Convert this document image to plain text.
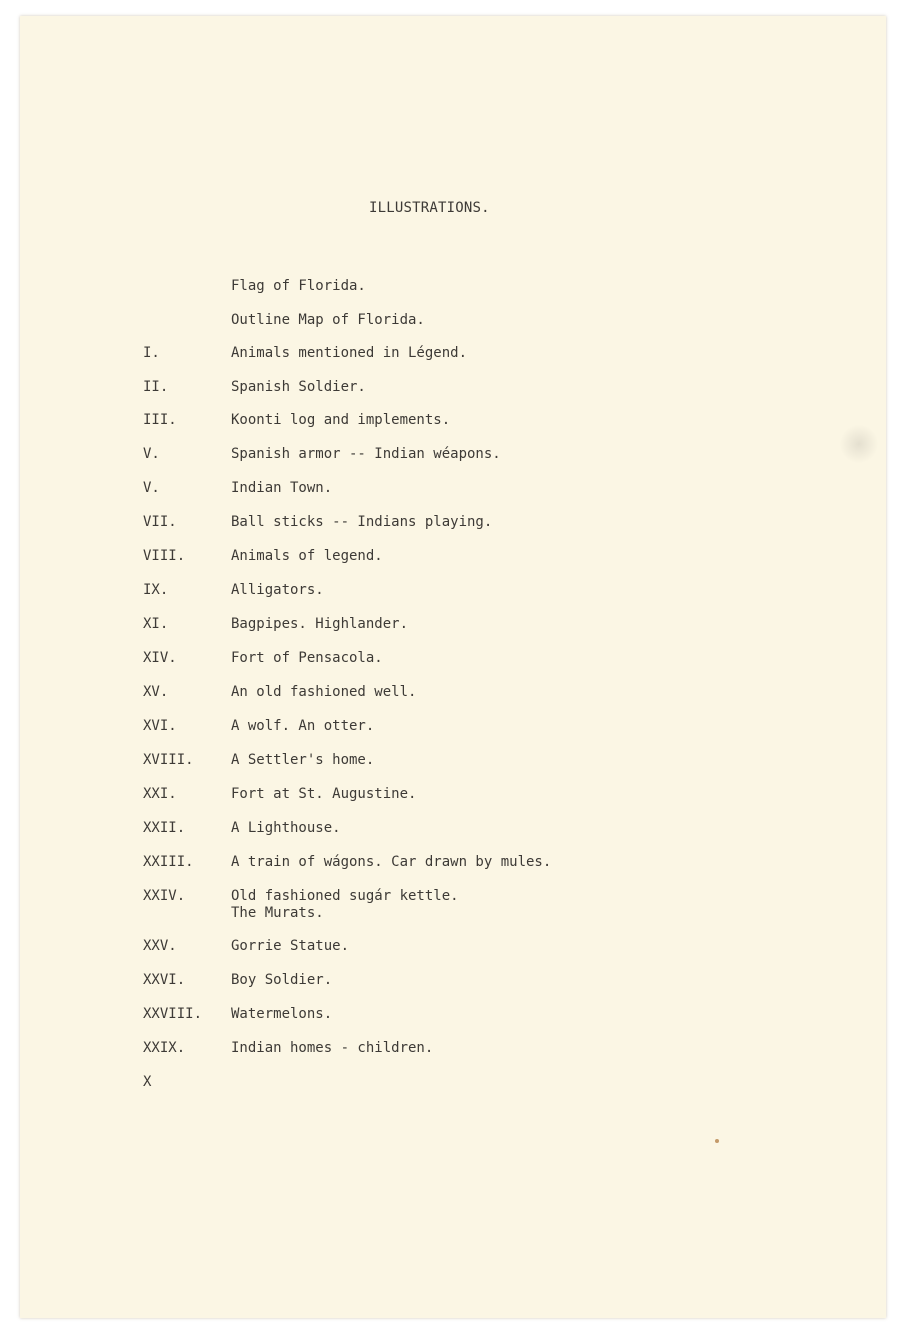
ILLUSTRATIONS.
Flag of Florida.
Outline Map of Florida.
I.	Animals mentioned in Légend.
II.	Spanish Soldier.
III.	Koonti log and implements.
V.	Spanish armor -- Indian wéapons.
V.	Indian Town.
VII.	Ball sticks -- Indians playing.
VIII.	Animals of legend.
IX.	Alligators.
XI.	Bagpipes. Highlander.
XIV.	Fort of Pensacola.
XV.	An old fashioned well.
XVI.	A wolf. An otter.
XVIII.	A Settler's home.
XXI.	Fort at St. Augustine.
XXII.	A Lighthouse.
XXIII.	A train of wágons. Car drawn by mules.
XXIV.	Old fashioned sugár kettle.
The Murats.
XXV.	Gorrie Statue.
XXVI.	Boy Soldier.
XXVIII. Watermelons.
XXIX.	Indian homes - children.
X
